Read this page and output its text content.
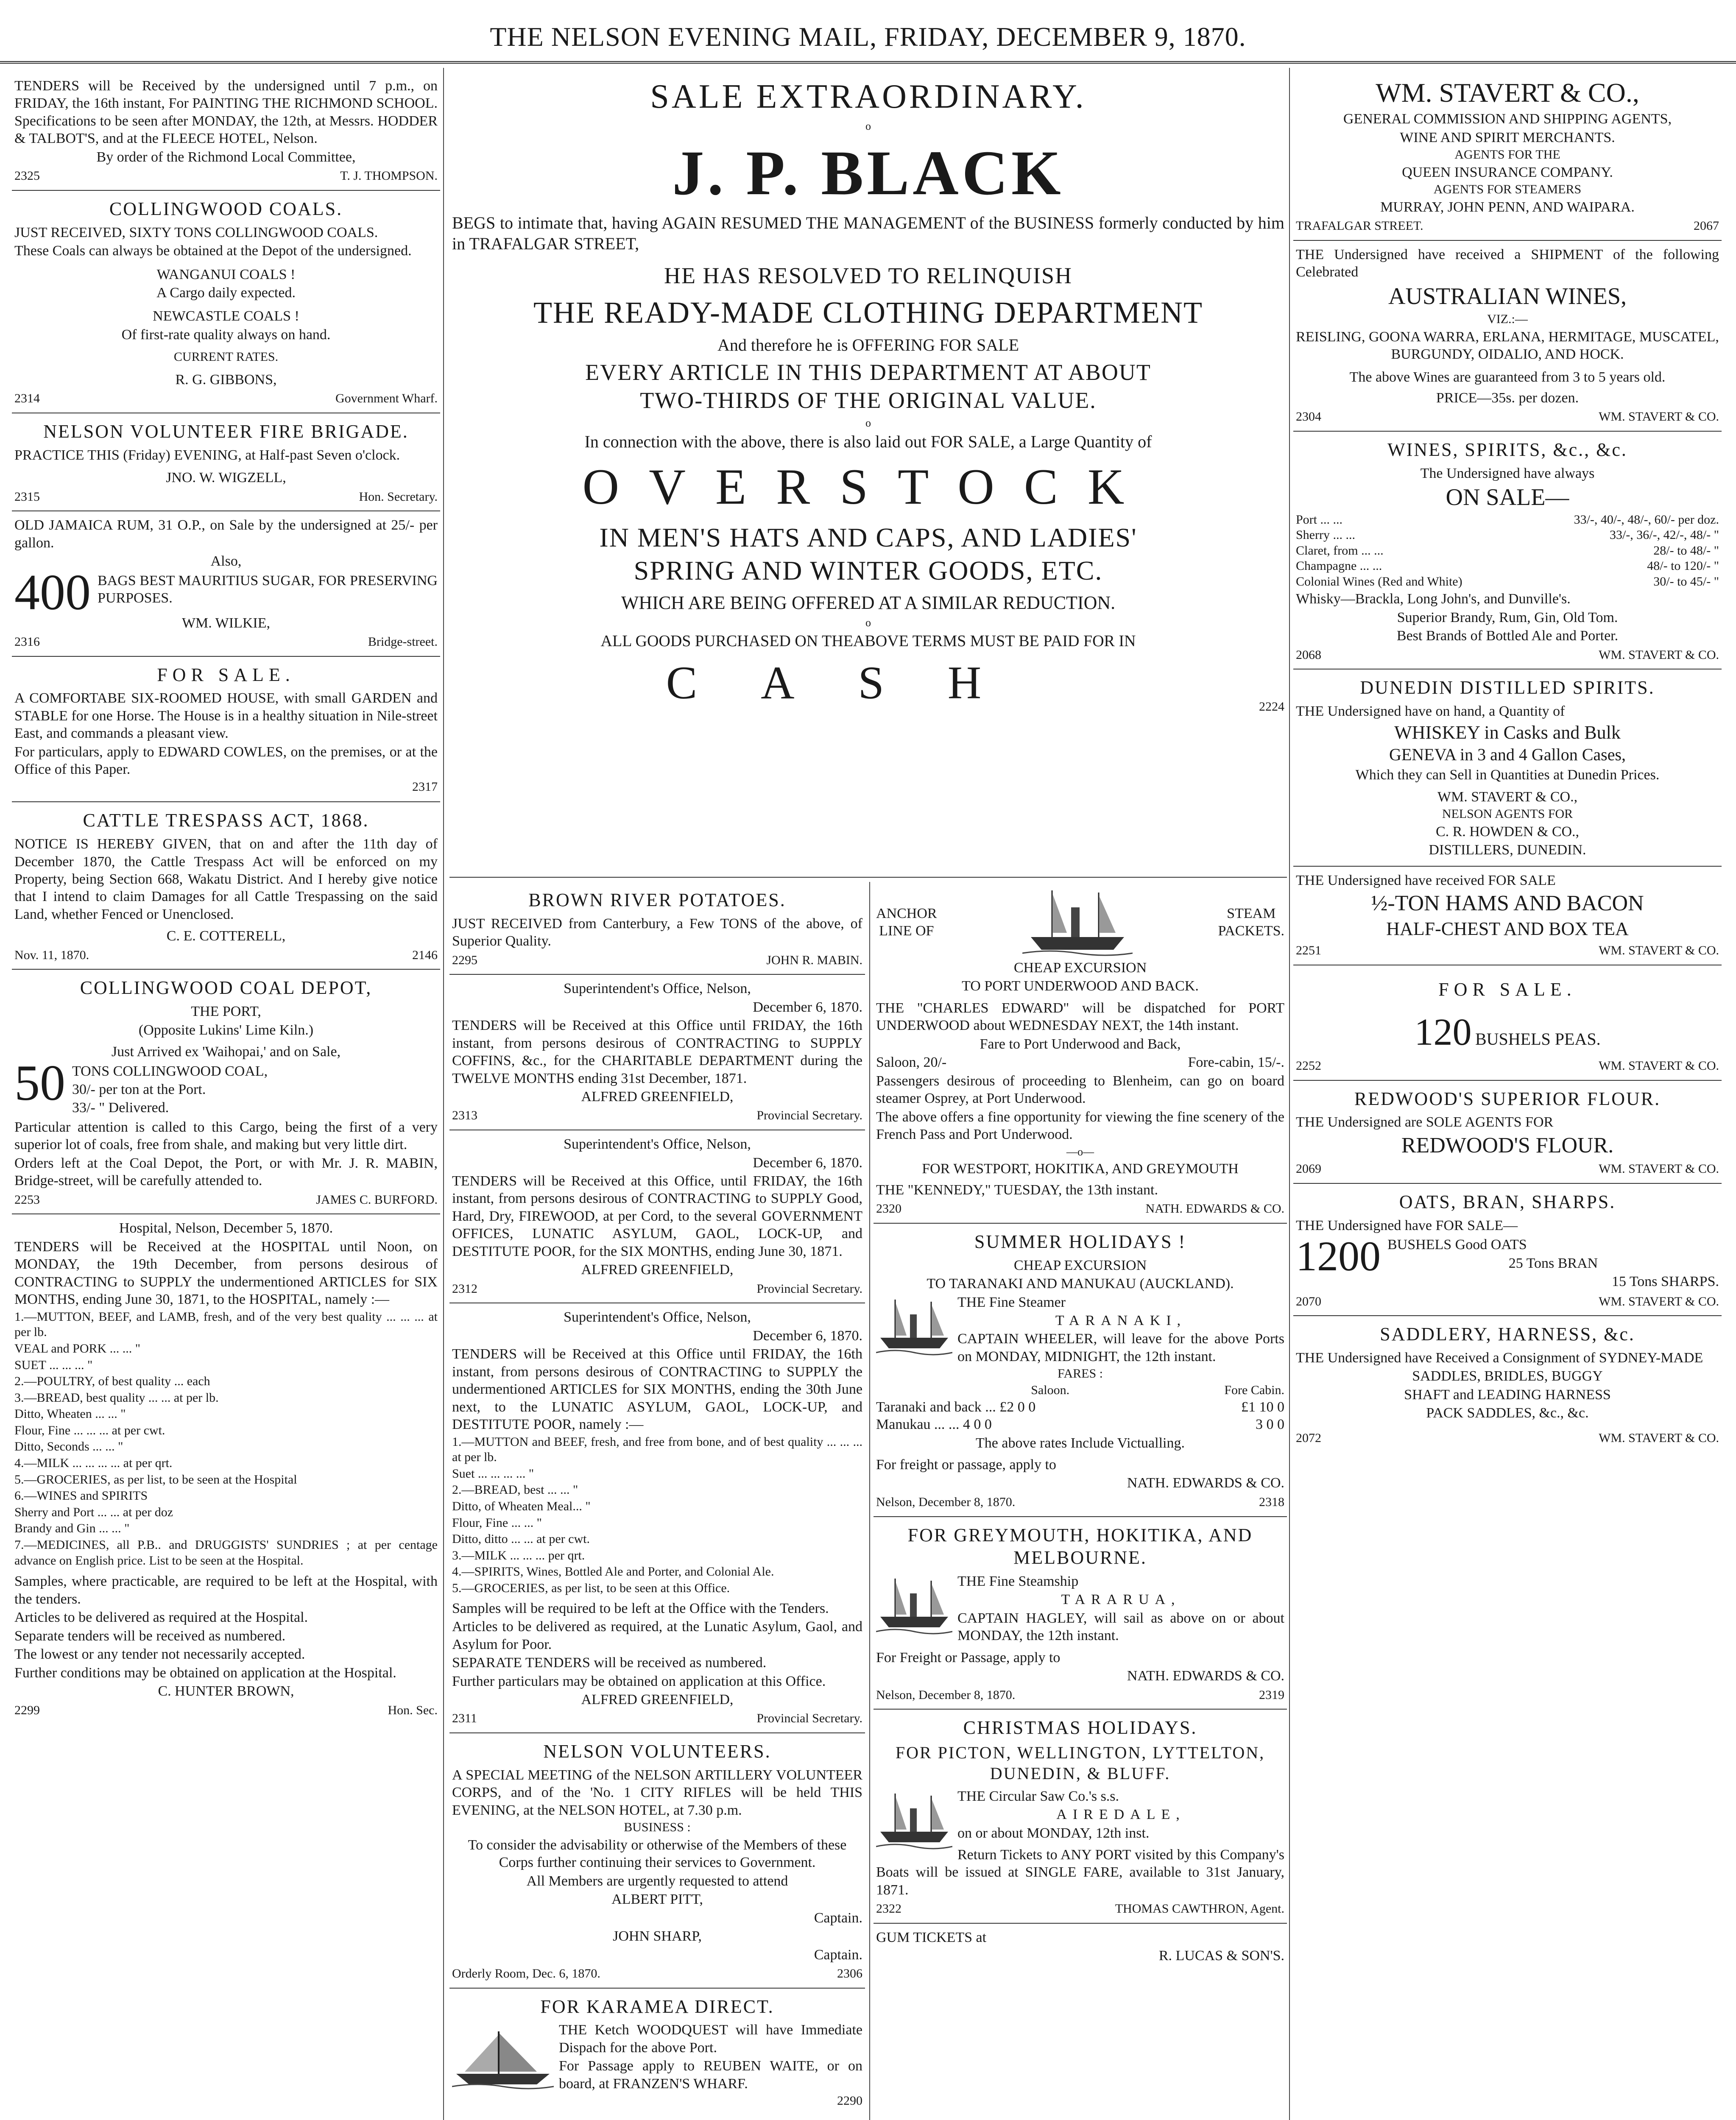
THE NELSON EVENING MAIL, FRIDAY, DECEMBER 9, 1870.

TENDERS will be Received by the undersigned until 7 p.m., on FRIDAY, the 16th instant, For PAINTING THE RICHMOND SCHOOL. Specifications to be seen after MONDAY, the 12th, at Messrs. HODDER & TALBOT'S, and at the FLEECE HOTEL, Nelson.

By order of the Richmond Local Committee,

2325	T. J. THOMPSON.
COLLINGWOOD COALS.

JUST RECEIVED, SIXTY TONS COLLINGWOOD COALS.

These Coals can always be obtained at the Depot of the undersigned.

WANGANUI COALS !

A Cargo daily expected.

NEWCASTLE COALS !

Of first-rate quality always on hand.

CURRENT RATES.

R. G. GIBBONS,

2314	Government Wharf.
NELSON VOLUNTEER FIRE BRIGADE.

PRACTICE THIS (Friday) EVENING, at Half-past Seven o'clock.

JNO. W. WIGZELL,

2315	Hon. Secretary.

OLD JAMAICA RUM, 31 O.P., on Sale by the undersigned at 25/- per gallon.

Also,

400 BAGS BEST MAURITIUS SUGAR, FOR PRESERVING PURPOSES.

WM. WILKIE,

2316	Bridge-street.
FOR SALE.

A COMFORTABE SIX-ROOMED HOUSE, with small GARDEN and STABLE for one Horse. The House is in a healthy situation in Nile-street East, and commands a pleasant view.

For particulars, apply to EDWARD COWLES, on the premises, or at the Office of this Paper.

2317

CATTLE TRESPASS ACT, 1868.

NOTICE IS HEREBY GIVEN, that on and after the 11th day of December 1870, the Cattle Trespass Act will be enforced on my Property, being Section 668, Wakatu District. And I hereby give notice that I intend to claim Damages for all Cattle Trespassing on the said Land, whether Fenced or Unenclosed.

C. E. COTTERELL,

Nov. 11, 1870.	2146
COLLINGWOOD COAL DEPOT,

THE PORT,

(Opposite Lukins' Lime Kiln.)

Just Arrived ex 'Waihopai,' and on Sale,

50 TONS COLLINGWOOD COAL,

30/- per ton at the Port.

33/- " Delivered.

Particular attention is called to this Cargo, being the first of a very superior lot of coals, free from shale, and making but very little dirt.

Orders left at the Coal Depot, the Port, or with Mr. J. R. MABIN, Bridge-street, will be carefully attended to.

2253	JAMES C. BURFORD.

Hospital, Nelson, December 5, 1870.

TENDERS will be Received at the HOSPITAL until Noon, on MONDAY, the 19th December, from persons desirous of CONTRACTING to SUPPLY the undermentioned ARTICLES for SIX MONTHS, ending June 30, 1871, to the HOSPITAL, namely :—

1.—MUTTON, BEEF, and LAMB, fresh, and of the very best quality ... ... ... at per lb.

VEAL and PORK ... ... "

SUET ... ... ... "

2.—POULTRY, of best quality ... each

3.—BREAD, best quality ... ... at per lb.

Ditto, Wheaten ... ... "

Flour, Fine ... ... ... at per cwt.

Ditto, Seconds ... ... "

4.—MILK ... ... ... ... at per qrt.

5.—GROCERIES, as per list, to be seen at the Hospital

6.—WINES and SPIRITS

Sherry and Port ... ... at per doz

Brandy and Gin ... ... "

7.—MEDICINES, all P.B.. and DRUGGISTS' SUNDRIES ; at per centage advance on English price. List to be seen at the Hospital.

Samples, where practicable, are required to be left at the Hospital, with the tenders.

Articles to be delivered as required at the Hospital.

Separate tenders will be received as numbered.

The lowest or any tender not necessarily accepted.

Further conditions may be obtained on application at the Hospital.

C. HUNTER BROWN,

2299	Hon. Sec.
SALE EXTRAORDINARY.
o
J. P. BLACK

BEGS to intimate that, having AGAIN RESUMED THE MANAGEMENT of the BUSINESS formerly conducted by him in TRAFALGAR STREET,

HE HAS RESOLVED TO RELINQUISH
THE READY-MADE CLOTHING DEPARTMENT
And therefore he is OFFERING FOR SALE
EVERY ARTICLE IN THIS DEPARTMENT AT ABOUT
TWO-THIRDS OF THE ORIGINAL VALUE.
o

In connection with the above, there is also laid out FOR SALE, a Large Quantity of

OVERSTOCK
IN MEN'S HATS AND CAPS, AND LADIES'
SPRING AND WINTER GOODS, ETC.
WHICH ARE BEING OFFERED AT A SIMILAR REDUCTION.
o
ALL GOODS PURCHASED ON THEABOVE TERMS MUST BE PAID FOR IN
CASH	2224
BROWN RIVER POTATOES.

JUST RECEIVED from Canterbury, a Few TONS of the above, of Superior Quality.

2295	JOHN R. MABIN.

Superintendent's Office, Nelson,

December 6, 1870.

TENDERS will be Received at this Office until FRIDAY, the 16th instant, from persons desirous of CONTRACTING to SUPPLY COFFINS, &c., for the CHARITABLE DEPARTMENT during the TWELVE MONTHS ending 31st December, 1871.

ALFRED GREENFIELD,

2313	Provincial Secretary.

Superintendent's Office, Nelson,

December 6, 1870.

TENDERS will be Received at this Office, until FRIDAY, the 16th instant, from persons desirous of CONTRACTING to SUPPLY Good, Hard, Dry, FIREWOOD, at per Cord, to the several GOVERNMENT OFFICES, LUNATIC ASYLUM, GAOL, LOCK-UP, and DESTITUTE POOR, for the SIX MONTHS, ending June 30, 1871.

ALFRED GREENFIELD,

2312	Provincial Secretary.

Superintendent's Office, Nelson,

December 6, 1870.

TENDERS will be Received at this Office until FRIDAY, the 16th instant, from persons desirous of CONTRACTING to SUPPLY the undermentioned ARTICLES for SIX MONTHS, ending the 30th June next, to the LUNATIC ASYLUM, GAOL, LOCK-UP, and DESTITUTE POOR, namely :—

1.—MUTTON and BEEF, fresh, and free from bone, and of best quality ... ... ... at per lb.

Suet ... ... ... ... "

2.—BREAD, best ... ... "

Ditto, of Wheaten Meal... "

Flour, Fine ... ... "

Ditto, ditto ... ... at per cwt.

3.—MILK ... ... ... per qrt.

4.—SPIRITS, Wines, Bottled Ale and Porter, and Colonial Ale.

5.—GROCERIES, as per list, to be seen at this Office.

Samples will be required to be left at the Office with the Tenders.

Articles to be delivered as required, at the Lunatic Asylum, Gaol, and Asylum for Poor.

SEPARATE TENDERS will be received as numbered.

Further particulars may be obtained on application at this Office.

ALFRED GREENFIELD,

2311	Provincial Secretary.
NELSON VOLUNTEERS.

A SPECIAL MEETING of the NELSON ARTILLERY VOLUNTEER CORPS, and of the 'No. 1 CITY RIFLES will be held THIS EVENING, at the NELSON HOTEL, at 7.30 p.m.

BUSINESS :

To consider the advisability or otherwise of the Members of these Corps further continuing their services to Government.

All Members are urgently requested to attend

ALBERT PITT,

Captain.

JOHN SHARP,

Captain.

Orderly Room, Dec. 6, 1870.	2306
FOR KARAMEA DIRECT.

THE Ketch WOODQUEST will have Immediate Dispach for the above Port.

For Passage apply to REUBEN WAITE, or on board, at FRANZEN'S WHARF.

2290

ANCHOR
LINE OF
STEAM
PACKETS.

CHEAP EXCURSION

TO PORT UNDERWOOD AND BACK.

THE "CHARLES EDWARD" will be dispatched for PORT UNDERWOOD about WEDNESDAY NEXT, the 14th instant.

Fare to Port Underwood and Back,

Saloon, 20/-	Fore-cabin, 15/-.

Passengers desirous of proceeding to Blenheim, can go on board steamer Osprey, at Port Underwood.

The above offers a fine opportunity for viewing the fine scenery of the French Pass and Port Underwood.

—o—

FOR WESTPORT, HOKITIKA, AND GREYMOUTH

THE "KENNEDY," TUESDAY, the 13th instant.

2320	NATH. EDWARDS & CO.
SUMMER HOLIDAYS !

CHEAP EXCURSION

TO TARANAKI AND MANUKAU (AUCKLAND).

THE Fine Steamer

TARANAKI,

CAPTAIN WHEELER, will leave for the above Ports on MONDAY, MIDNIGHT, the 12th instant.

FARES :

Saloon.	Fore Cabin.
Taranaki and back ... £2 0 0	£1 10 0
Manukau ... ... 4 0 0	3 0 0

The above rates Include Victualling.

For freight or passage, apply to

NATH. EDWARDS & CO.

Nelson, December 8, 1870.	2318
FOR GREYMOUTH, HOKITIKA, AND MELBOURNE.

THE Fine Steamship

TARARUA,

CAPTAIN HAGLEY, will sail as above on or about MONDAY, the 12th instant.

For Freight or Passage, apply to

NATH. EDWARDS & CO.

Nelson, December 8, 1870.	2319
CHRISTMAS HOLIDAYS.
FOR PICTON, WELLINGTON, LYTTELTON, DUNEDIN, & BLUFF.

THE Circular Saw Co.'s s.s.

AIREDALE,

on or about MONDAY, 12th inst.

Return Tickets to ANY PORT visited by this Company's Boats will be issued at SINGLE FARE, available to 31st January, 1871.

2322	THOMAS CAWTHRON, Agent.

GUM TICKETS at

R. LUCAS & SON'S.

WM. STAVERT & CO.,

GENERAL COMMISSION AND SHIPPING AGENTS,

WINE AND SPIRIT MERCHANTS.

AGENTS FOR THE

QUEEN INSURANCE COMPANY.

AGENTS FOR STEAMERS

MURRAY, JOHN PENN, AND WAIPARA.

TRAFALGAR STREET.	2067

THE Undersigned have received a SHIPMENT of the following Celebrated

AUSTRALIAN WINES,

VIZ.:—

REISLING, GOONA WARRA, ERLANA, HERMITAGE, MUSCATEL, BURGUNDY, OIDALIO, AND HOCK.

The above Wines are guaranteed from 3 to 5 years old.

PRICE—35s. per dozen.

2304	WM. STAVERT & CO.
WINES, SPIRITS, &c., &c.

The Undersigned have always

ON SALE—
Port ... ...	33/-, 40/-, 48/-, 60/- per doz.
Sherry ... ...	33/-, 36/-, 42/-, 48/- "
Claret, from ... ...	28/- to 48/- "
Champagne ... ...	48/- to 120/- "
Colonial Wines (Red and White)	30/- to 45/- "

Whisky—Brackla, Long John's, and Dunville's.

Superior Brandy, Rum, Gin, Old Tom.

Best Brands of Bottled Ale and Porter.

2068	WM. STAVERT & CO.
DUNEDIN DISTILLED SPIRITS.

THE Undersigned have on hand, a Quantity of

WHISKEY in Casks and Bulk

GENEVA in 3 and 4 Gallon Cases,

Which they can Sell in Quantities at Dunedin Prices.

WM. STAVERT & CO.,

NELSON AGENTS FOR

C. R. HOWDEN & CO.,

DISTILLERS, DUNEDIN.

THE Undersigned have received FOR SALE

½-TON HAMS AND BACON

HALF-CHEST AND BOX TEA

2251	WM. STAVERT & CO.
FOR SALE.
120 BUSHELS PEAS.
2252	WM. STAVERT & CO.
REDWOOD'S SUPERIOR FLOUR.

THE Undersigned are SOLE AGENTS FOR

REDWOOD'S FLOUR.

2069	WM. STAVERT & CO.
OATS, BRAN, SHARPS.

THE Undersigned have FOR SALE—

1200 BUSHELS Good OATS

25 Tons BRAN

15 Tons SHARPS.

2070	WM. STAVERT & CO.
SADDLERY, HARNESS, &c.

THE Undersigned have Received a Consignment of SYDNEY-MADE

SADDLES, BRIDLES, BUGGY

SHAFT and LEADING HARNESS

PACK SADDLES, &c., &c.

2072	WM. STAVERT & CO.
